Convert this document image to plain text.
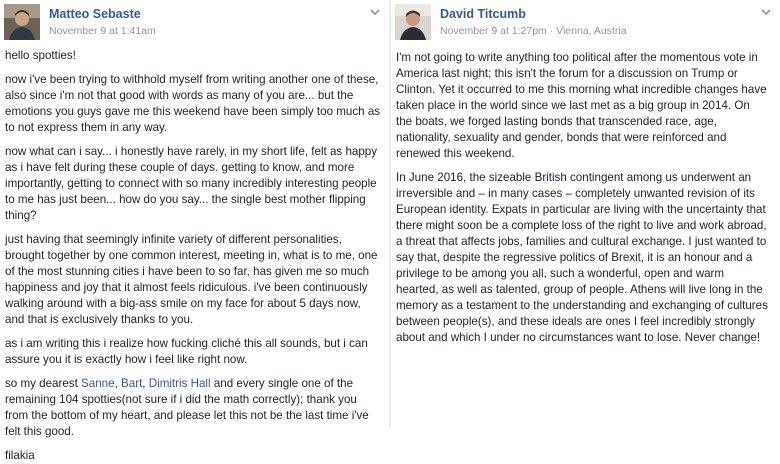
Matteo Sebaste
November 9 at 1:41am

hello spotties!

now i've been trying to withhold myself from writing another one of these, also since i'm not that good with words as many of you are... but the emotions you guys gave me this weekend have been simply too much as to not express them in any way.

now what can i say... i honestly have rarely, in my short life, felt as happy as i have felt during these couple of days. getting to know, and more importantly, getting to connect with so many incredibly interesting people to me has just been... how do you say... the single best mother flipping thing?

just having that seemingly infinite variety of different personalities, brought together by one common interest, meeting in, what is to me, one of the most stunning cities i have been to so far, has given me so much happiness and joy that it almost feels ridiculous. i've been continuously walking around with a big-ass smile on my face for about 5 days now, and that is exclusively thanks to you.

as i am writing this i realize how fucking cliché this all sounds, but i can assure you it is exactly how i feel like right now.

so my dearest Sanne, Bart, Dimitris Hall and every single one of the remaining 104 spotties(not sure if i did the math correctly); thank you from the bottom of my heart, and please let this not be the last time i've felt this good.

filakia

David Titcumb
November 9 at 1:27pm · Vienna, Austria

I'm not going to write anything too political after the momentous vote in America last night; this isn't the forum for a discussion on Trump or Clinton. Yet it occurred to me this morning what incredible changes have taken place in the world since we last met as a big group in 2014. On the boats, we forged lasting bonds that transcended race, age, nationality, sexuality and gender, bonds that were reinforced and renewed this weekend.

In June 2016, the sizeable British contingent among us underwent an irreversible and – in many cases – completely unwanted revision of its European identity. Expats in particular are living with the uncertainty that there might soon be a complete loss of the right to live and work abroad, a threat that affects jobs, families and cultural exchange. I just wanted to say that, despite the regressive politics of Brexit, it is an honour and a privilege to be among you all, such a wonderful, open and warm hearted, as well as talented, group of people. Athens will live long in the memory as a testament to the understanding and exchanging of cultures between people(s), and these ideals are ones I feel incredibly strongly about and which I under no circumstances want to lose. Never change!
